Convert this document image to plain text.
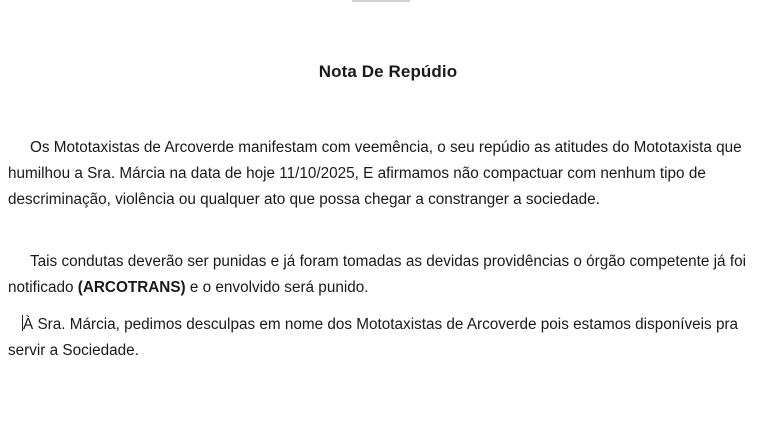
Nota De Repúdio

Os Mototaxistas de Arcoverde manifestam com veemência, o seu repúdio as atitudes do Mototaxista que humilhou a Sra. Márcia na data de hoje 11/10/2025, E afirmamos não compactuar com nenhum tipo de descriminação, violência ou qualquer ato que possa chegar a constranger a sociedade.

Tais condutas deverão ser punidas e já foram tomadas as devidas providências o órgão competente já foi notificado (ARCOTRANS) e o envolvido será punido.

À Sra. Márcia, pedimos desculpas em nome dos Mototaxistas de Arcoverde pois estamos disponíveis pra servir a Sociedade.
